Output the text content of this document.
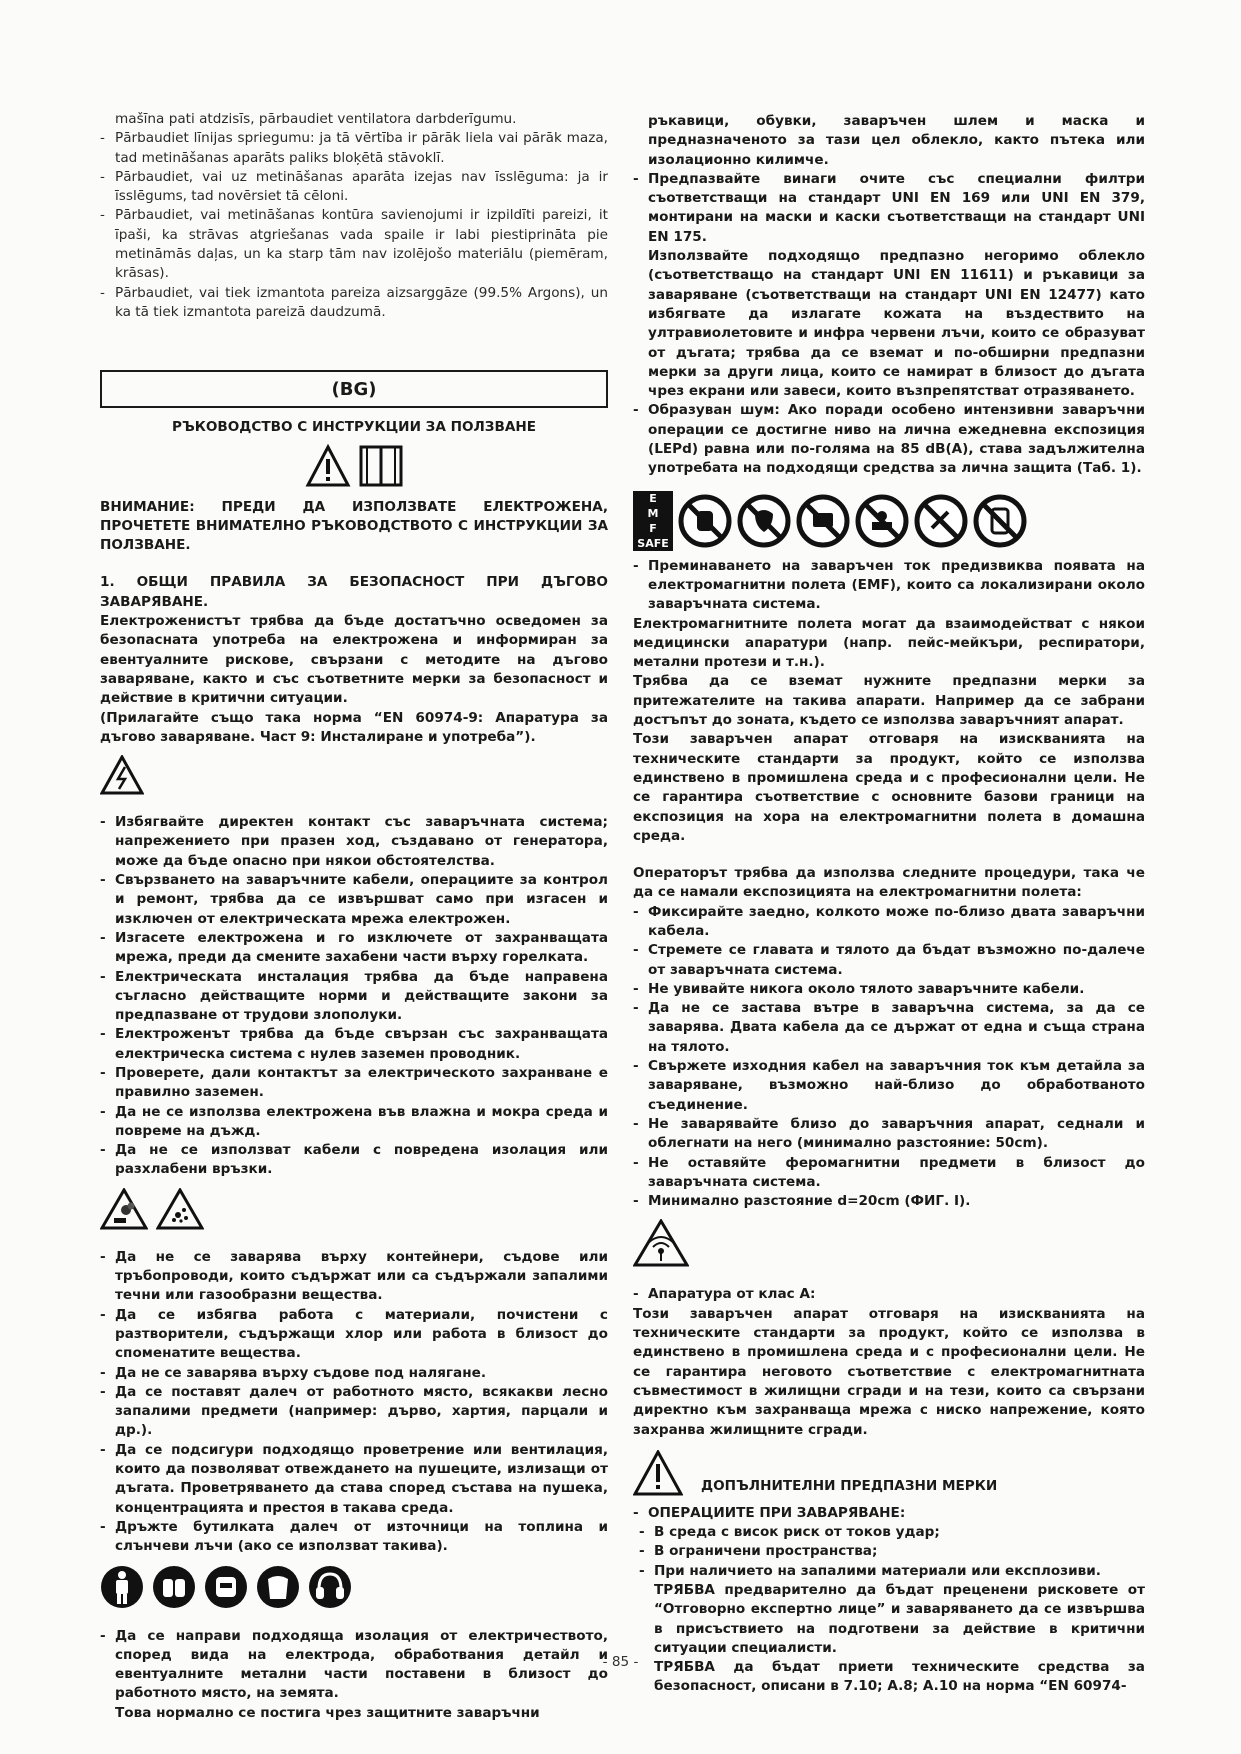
mašīna pati atdzisīs, pārbaudiet ventilatora darbderīgumu.

- Pārbaudiet līnijas spriegumu: ja tā vērtība ir pārāk liela vai pārāk maza, tad metināšanas aparāts paliks bloķētā stāvoklī.
- Pārbaudiet, vai uz metināšanas aparāta izejas nav īsslēguma: ja ir īsslēgums, tad novērsiet tā cēloni.
- Pārbaudiet, vai metināšanas kontūra savienojumi ir izpildīti pareizi, it īpaši, ka strāvas atgriešanas vada spaile ir labi piestiprināta pie metināmās daļas, un ka starp tām nav izolējošo materiālu (piemēram, krāsas).
- Pārbaudiet, vai tiek izmantota pareiza aizsarggāze (99.5% Argons), un ka tā tiek izmantota pareizā daudzumā.
(BG)

РЪКОВОДСТВО С ИНСТРУКЦИИ ЗА ПОЛЗВАНЕ

ВНИМАНИЕ: ПРЕДИ ДА ИЗПОЛЗВАТЕ ЕЛЕКТРОЖЕНА, ПРОЧЕТЕТЕ ВНИМАТЕЛНО РЪКОВОДСТВОТО С ИНСТРУКЦИИ ЗА ПОЛЗВАНЕ.

1. ОБЩИ ПРАВИЛА ЗА БЕЗОПАСНОСТ ПРИ ДЪГОВО ЗАВАРЯВАНЕ.

Електроженистът трябва да бъде достатъчно осведомен за безопасната употреба на електрожена и информиран за евентуалните рискове, свързани с методите на дъгово заваряване, както и със съответните мерки за безопасност и действие в критични ситуации.

(Прилагайте също така норма “EN 60974-9: Апаратура за дъгово заваряване. Част 9: Инсталиране и употреба”).

- Избягвайте директен контакт със заваръчната система; напрежението при празен ход, създавано от генератора, може да бъде опасно при някои обстоятелства.
- Свързването на заваръчните кабели, операциите за контрол и ремонт, трябва да се извършват само при изгасен и изключен от електрическата мрежа електрожен.
- Изгасете електрожена и го изключете от захранващата мрежа, преди да смените захабени части върху горелката.
- Електрическата инсталация трябва да бъде направена съгласно действащите норми и действащите закони за предпазване от трудови злополуки.
- Електроженът трябва да бъде свързан със захранващата електрическа система с нулев заземен проводник.
- Проверете, дали контактът за електрическото захранване е правилно заземен.
- Да не се използва електрожена във влажна и мокра среда и повреме на дъжд.
- Да не се използват кабели с повредена изолация или разхлабени връзки.
- Да не се заварява върху контейнери, съдове или тръбопроводи, които съдържат или са съдържали запалими течни или газообразни вещества.
- Да се избягва работа с материали, почистени с разтворители, съдържащи хлор или работа в близост до споменатите вещества.
- Да не се заварява върху съдове под налягане.
- Да се поставят далеч от работното място, всякакви лесно запалими предмети (например: дърво, хартия, парцали и др.).
- Да се подсигури подходящо проветрение или вентилация, които да позволяват отвеждането на пушеците, излизащи от дъгата. Проветряването да става според състава на пушека, концентрацията и престоя в такава среда.
- Дръжте бутилката далеч от източници на топлина и слънчеви лъчи (ако се използват такива).
- Да се направи подходяща изолация от електричеството, според вида на електрода, обработвания детайл и евентуалните метални части поставени в близост до работното място, на земята.

Това нормално се постига чрез защитните заваръчни

ръкавици, обувки, заваръчен шлем и маска и предназначеното за тази цел облекло, както пътека или изолационно килимче.

- Предпазвайте винаги очите със специални филтри съответстващи на стандарт UNI EN 169 или UNI EN 379, монтирани на маски и каски съответстващи на стандарт UNI EN 175.

Използвайте подходящо предпазно негоримо облекло (съответстващо на стандарт UNI EN 11611) и ръкавици за заваряване (съответстващи на стандарт UNI EN 12477) като избягвате да излагате кожата на въздествито на ултравиолетовите и инфра червени лъчи, които се образуват от дъгата; трябва да се вземат и по-обширни предпазни мерки за други лица, които се намират в близост до дъгата чрез екрани или завеси, които възпрепятстват отразяването.

- Образуван шум: Ако поради особено интензивни заваръчни операции се достигне ниво на лична ежедневна експозиция (LEPd) равна или по-голяма на 85 dB(A), става задължителна употребата на подходящи средства за лична защита (Таб. 1).
E
M
F
SAFE
- Преминаването на заваръчен ток предизвиква появата на електромагнитни полета (EMF), които са локализирани около заваръчната система.

Електромагнитните полета могат да взаимодействат с някои медицински апаратури (напр. пейс-мейкъри, респиратори, метални протези и т.н.).

Трябва да се вземат нужните предпазни мерки за притежателите на такива апарати. Например да се забрани достъпът до зоната, където се използва заваръчният апарат.

Този заваръчен апарат отговаря на изискванията на техническите стандарти за продукт, който се използва единствено в промишлена среда и с професионални цели. Не се гарантира съответствие с основните базови граници на експозиция на хора на електромагнитни полета в домашна среда.

Операторът трябва да използва следните процедури, така че да се намали експозицията на електромагнитни полета:

- Фиксирайте заедно, колкото може по-близо двата заваръчни кабела.
- Стремете се главата и тялото да бъдат възможно по-далече от заваръчната система.
- Не увивайте никога около тялото заваръчните кабели.
- Да не се застава вътре в заваръчна система, за да се заварява. Двата кабела да се държат от една и съща страна на тялото.
- Свържете изходния кабел на заваръчния ток към детайла за заваряване, възможно най-близо до обработваното съединение.
- Не заварявайте близо до заваръчния апарат, седнали и облегнати на него (минимално разстояние: 50cm).
- Не оставяйте феромагнитни предмети в близост до заваръчната система.
- Минимално разстояние d=20cm (ФИГ. I).
- Апаратура от клас А:

Този заваръчен апарат отговаря на изискванията на техническите стандарти за продукт, който се използва в единствено в промишлена среда и с професионални цели. Не се гарантира неговото съответствие с електромагнитната съвместимост в жилищни сгради и на тези, които са свързани директно към захранваща мрежа с ниско напрежение, която захранва жилищните сгради.

ДОПЪЛНИТЕЛНИ ПРЕДПАЗНИ МЕРКИ

- ОПЕРАЦИИТЕ ПРИ ЗАВАРЯВАНЕ:
- В среда с висок риск от токов удар;
- В ограничени пространства;
- При наличието на запалими материали или експлозиви.

ТРЯБВА предварително да бъдат преценени рисковете от “Отговорно експертно лице” и заваряването да се извършва в присъствието на подготвени за действие в критични ситуации специалисти.

ТРЯБВА да бъдат приети техническите средства за безопасност, описани в 7.10; A.8; A.10 на норма “EN 60974-

- 85 -
